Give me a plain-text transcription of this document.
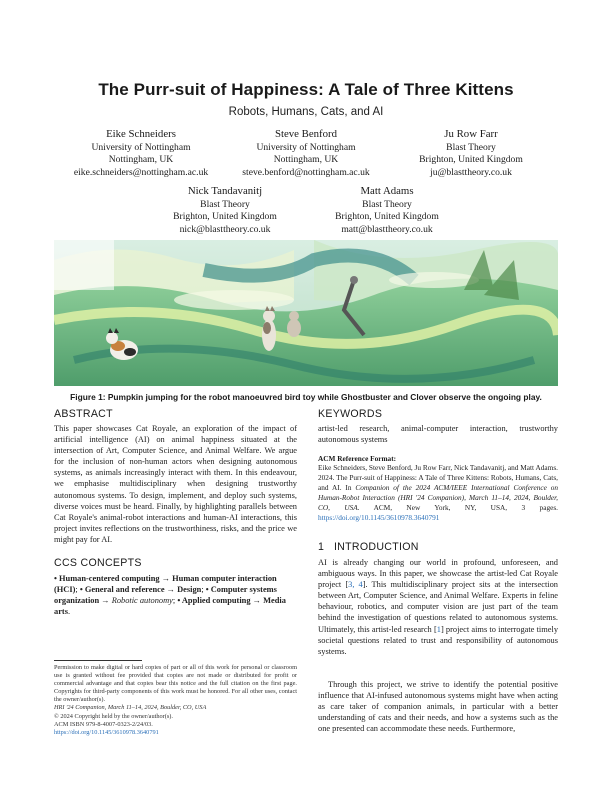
The Purr-suit of Happiness: A Tale of Three Kittens
Robots, Humans, Cats, and AI
Eike Schneiders
University of Nottingham
Nottingham, UK
eike.schneiders@nottingham.ac.uk
Steve Benford
University of Nottingham
Nottingham, UK
steve.benford@nottingham.ac.uk
Ju Row Farr
Blast Theory
Brighton, United Kingdom
ju@blasttheory.co.uk
Nick Tandavanitj
Blast Theory
Brighton, United Kingdom
nick@blasttheory.co.uk
Matt Adams
Blast Theory
Brighton, United Kingdom
matt@blasttheory.co.uk
Figure 1: Pumpkin jumping for the robot manoeuvred bird toy while Ghostbuster and Clover observe the ongoing play.
ABSTRACT
This paper showcases Cat Royale, an exploration of the impact of artificial intelligence (AI) on animal happiness situated at the intersection of Art, Computer Science, and Animal Welfare. We argue for the inclusion of non-human actors when designing autonomous systems, as animals increasingly interact with them. In this endeavour, we emphasise multidisciplinary when designing trustworthy autonomous systems. To design, implement, and deploy such systems, diverse voices must be heard. Finally, by highlighting parallels between Cat Royale's animal-robot interactions and human-AI interactions, this project invites reflections on the trustworthiness, risks, and the price we might pay for AI.
CCS CONCEPTS
• Human-centered computing → Human computer interaction (HCI); • General and reference → Design; • Computer systems organization → Robotic autonomy; • Applied computing → Media arts.
Permission to make digital or hard copies of part or all of this work for personal or classroom use is granted without fee provided that copies are not made or distributed for profit or commercial advantage and that copies bear this notice and the full citation on the first page. Copyrights for third-party components of this work must be honored. For all other uses, contact the owner/author(s).
HRI '24 Companion, March 11–14, 2024, Boulder, CO, USA
© 2024 Copyright held by the owner/author(s).
ACM ISBN 979-8-4007-0323-2/24/03.
https://doi.org/10.1145/3610978.3640791
KEYWORDS
artist-led research, animal-computer interaction, trustworthy autonomous systems
ACM Reference Format:
Eike Schneiders, Steve Benford, Ju Row Farr, Nick Tandavanitj, and Matt Adams. 2024. The Purr-suit of Happiness: A Tale of Three Kittens: Robots, Humans, Cats, and AI. In Companion of the 2024 ACM/IEEE International Conference on Human-Robot Interaction (HRI '24 Companion), March 11–14, 2024, Boulder, CO, USA. ACM, New York, NY, USA, 3 pages. https://doi.org/10.1145/3610978.3640791
1 INTRODUCTION
AI is already changing our world in profound, unforeseen, and ambiguous ways. In this paper, we showcase the artist-led Cat Royale project [3, 4]. This multidisciplinary project sits at the intersection between Art, Computer Science, and Animal Welfare. Experts in feline behaviour, robotics, and computer vision are just part of the team behind the investigation of questions related to autonomous systems. Ultimately, this artist-led research [1] project aims to interrogate timely societal questions related to trust and responsibility of autonomous systems.
Through this project, we strive to identify the potential positive influence that AI-infused autonomous systems might have when acting as care taker of companion animals, in particular with a better understanding of cats and their needs, and how a systems such as the one presented can accommodate these needs. Furthermore,
